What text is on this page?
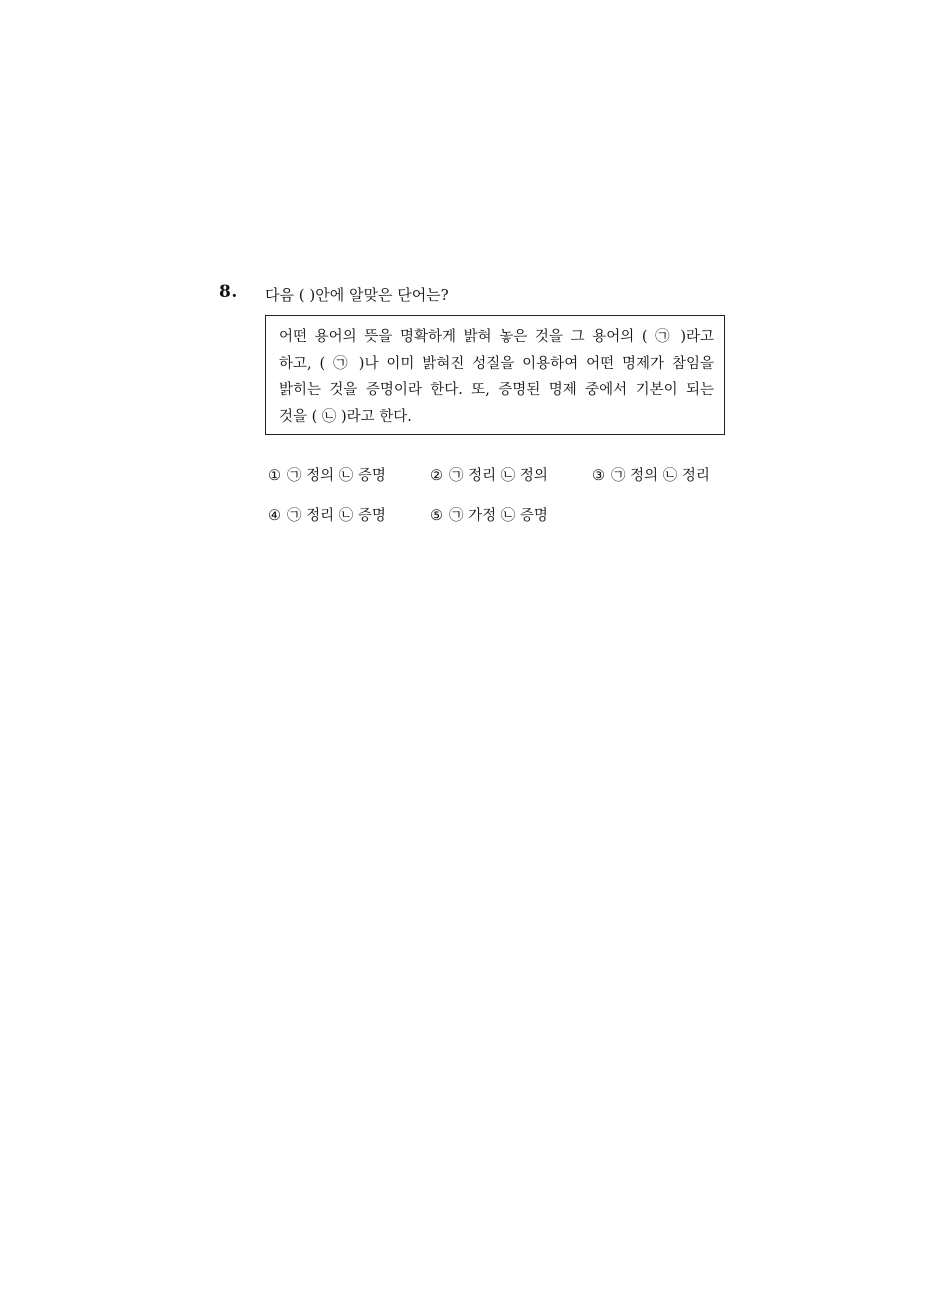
8. 다음 ( )안에 알맞은 단어는?
어떤 용어의 뜻을 명확하게 밝혀 놓은 것을 그 용어의 ( ㉠ )라고
하고, ( ㉠ )나 이미 밝혀진 성질을 이용하여 어떤 명제가 참임을
밝히는 것을 증명이라 한다. 또, 증명된 명제 중에서 기본이 되는
것을 ( ㉡ )라고 한다.
① ㉠ 정의 ㉡ 증명	② ㉠ 정리 ㉡ 정의	③ ㉠ 정의 ㉡ 정리
④ ㉠ 정리 ㉡ 증명	⑤ ㉠ 가정 ㉡ 증명
